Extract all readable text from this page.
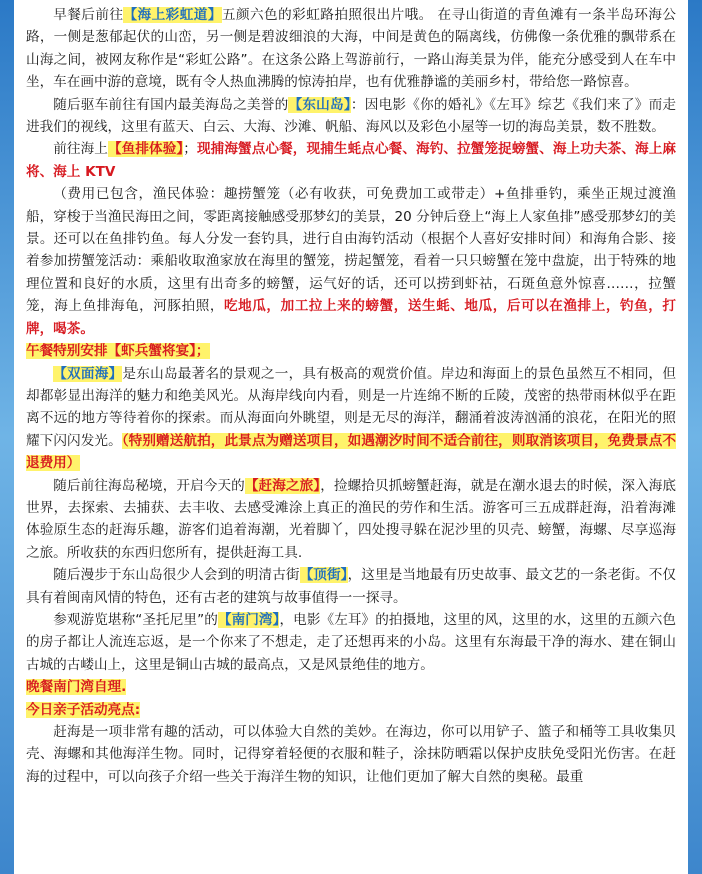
早餐后前往【海上彩虹道】五颜六色的彩虹路拍照很出片哦。 在寻山街道的青鱼滩有一条半岛环海公路，一侧是葱郁起伏的山峦，另一侧是碧波细浪的大海，中间是黄色的隔离线，仿佛像一条优雅的飘带系在山海之间，被网友称作是“彩虹公路”。在这条公路上驾游前行，一路山海美景为伴，能充分感受到人在车中坐，车在画中游的意境，既有令人热血沸腾的惊涛拍岸，也有优雅静谧的美丽乡村，带给您一路惊喜。

随后驱车前往有国内最美海岛之美誉的【东山岛】：因电影《你的婚礼》《左耳》综艺《我们来了》而走进我们的视线，这里有蓝天、白云、大海、沙滩、帆船、海风以及彩色小屋等一切的海岛美景，数不胜数。

前往海上【鱼排体验】；现捕海蟹点心餐，现捕生蚝点心餐、海钓、拉蟹笼捉螃蟹、海上功夫茶、海上麻将、海上 KTV

（费用已包含，渔民体验：趣捞蟹笼（必有收获，可免费加工或带走）+鱼排垂钓，乘坐正规过渡渔船，穿梭于当渔民海田之间，零距离接触感受那梦幻的美景，20 分钟后登上“海上人家鱼排”感受那梦幻的美景。还可以在鱼排钓鱼。每人分发一套钓具，进行自由海钓活动（根据个人喜好安排时间）和海角合影、接着参加捞蟹笼活动：乘船收取渔家放在海里的蟹笼，捞起蟹笼，看着一只只螃蟹在笼中盘旋，出于特殊的地理位置和良好的水质，这里有出奇多的螃蟹，运气好的话，还可以捞到虾祜，石斑鱼意外惊喜……，拉蟹笼，海上鱼排海龟，河豚拍照，吃地瓜，加工拉上来的螃蟹，送生蚝、地瓜，后可以在渔排上，钓鱼，打牌，喝茶。

午餐特别安排【虾兵蟹将宴】；

【双面海】是东山岛最著名的景观之一，具有极高的观赏价值。岸边和海面上的景色虽然互不相同，但却都彰显出海洋的魅力和绝美风光。从海岸线向内看，则是一片连绵不断的丘陵，茂密的热带雨林似乎在距离不远的地方等待着你的探索。而从海面向外眺望，则是无尽的海洋，翻涌着波涛汹涌的浪花，在阳光的照耀下闪闪发光。（特别赠送航拍，此景点为赠送项目，如遇潮汐时间不适合前往，则取消该项目，免费景点不退费用）

随后前往海岛秘境，开启今天的【赶海之旅】，捡螺拾贝抓螃蟹赶海，就是在潮水退去的时候，深入海底世界，去探索、去捕获、去丰收、去感受滩涂上真正的渔民的劳作和生活。游客可三五成群赶海，沿着海滩体验原生态的赶海乐趣，游客们追着海潮，光着脚丫，四处搜寻躲在泥沙里的贝壳、螃蟹，海螺、尽享巡海之旅。所收获的东西归您所有，提供赶海工具.

随后漫步于东山岛很少人会到的明清古街【顶街】，这里是当地最有历史故事、最文艺的一条老街。不仅具有着闽南风情的特色，还有古老的建筑与故事值得一一探寻。

参观游览堪称“圣托尼里”的【南门湾】，电影《左耳》的拍摄地，这里的风，这里的水，这里的五颜六色的房子都让人流连忘返，是一个你来了不想走，走了还想再来的小岛。这里有东海最干净的海水、建在铜山古城的古嵝山上，这里是铜山古城的最高点，又是风景绝佳的地方。

晚餐南门湾自理.

今日亲子活动亮点:

赶海是一项非常有趣的活动，可以体验大自然的美妙。在海边，你可以用铲子、篮子和桶等工具收集贝壳、海螺和其他海洋生物。同时，记得穿着轻便的衣服和鞋子，涂抹防晒霜以保护皮肤免受阳光伤害。在赶海的过程中，可以向孩子介绍一些关于海洋生物的知识，让他们更加了解大自然的奥秘。最重
